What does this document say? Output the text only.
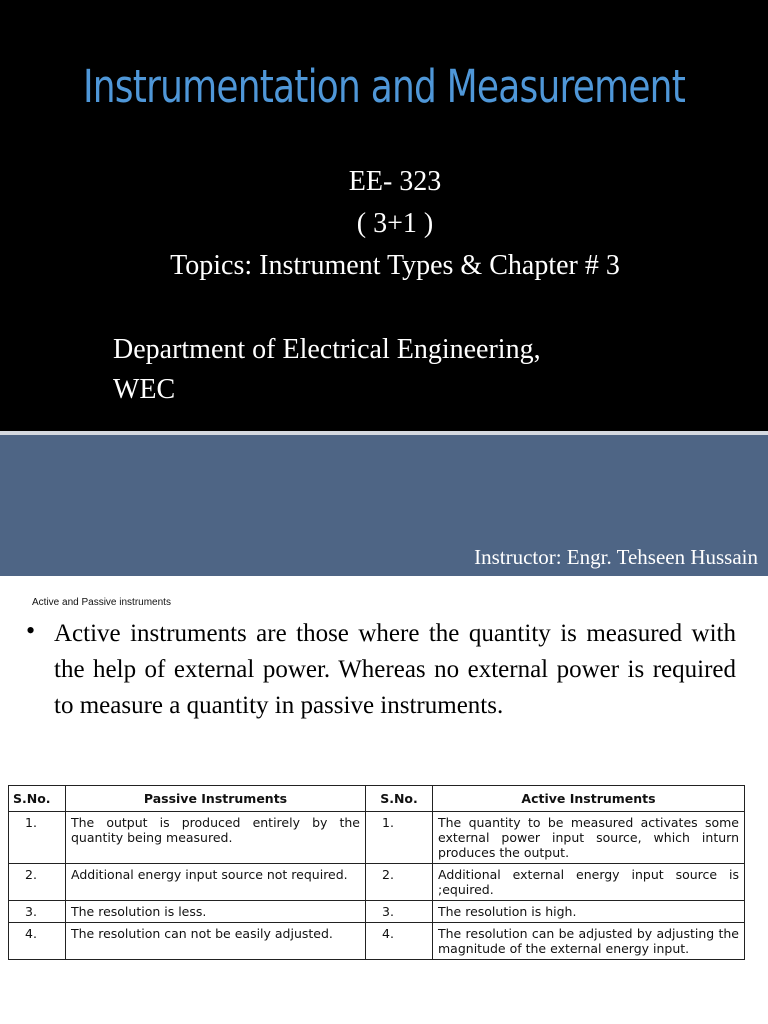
Instrumentation and Measurement
EE- 323
( 3+1 )
Topics: Instrument Types & Chapter # 3
Department of Electrical Engineering,
WEC
Instructor: Engr. Tehseen Hussain
Active and Passive instruments
• Active instruments are those where the quantity is measured with the help of external power. Whereas no external power is required to measure a quantity in passive instruments.
S.No.	Passive Instruments	S.No.	Active Instruments
1.	The output is produced entirely by the quantity being measured.	1.	The quantity to be measured activates some external power input source, which inturn produces the output.
2.	Additional energy input source not required.	2.	Additional external energy input source is ;equired.
3.	The resolution is less.	3.	The resolution is high.
4.	The resolution can not be easily adjusted.	4.	The resolution can be adjusted by adjusting the magnitude of the external energy input.
